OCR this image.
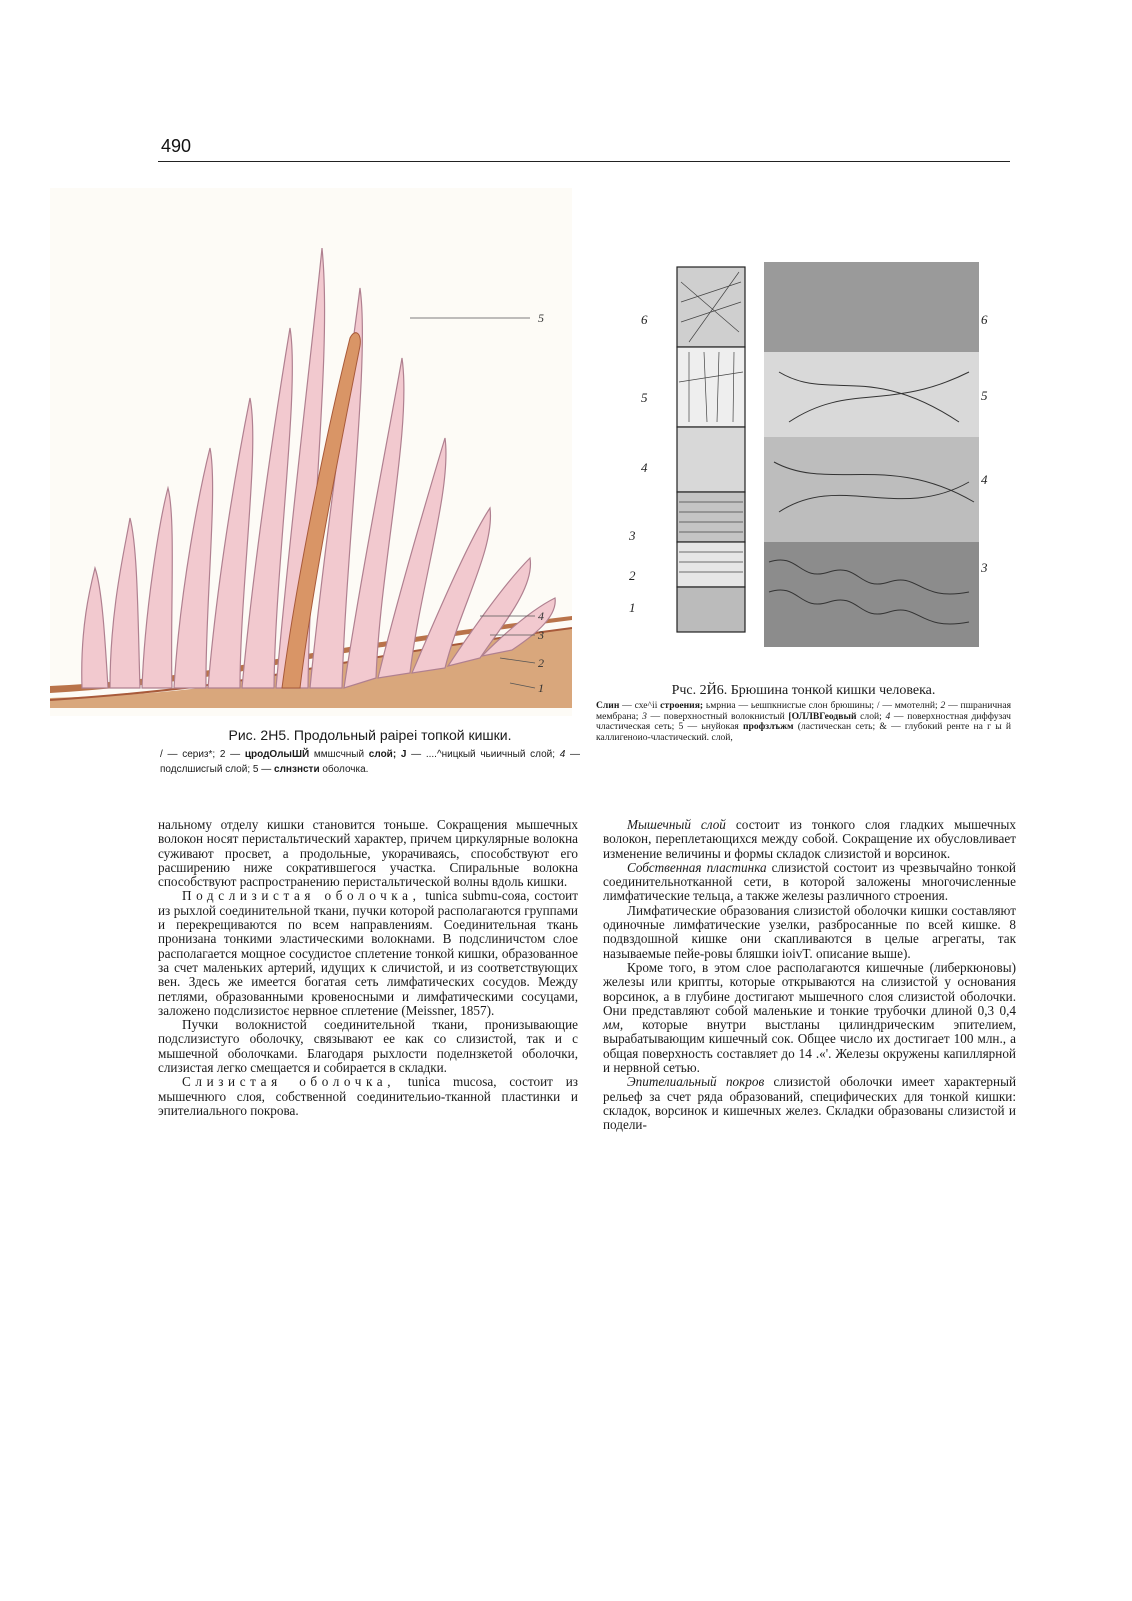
490
5
4
3
2
1
6
5
4
3
2
1
6
5
4
3
Рис. 2Н5. Продольный раipei топкой кишки.
/ — сериз*; 2 — цродОлыШЙ ммшсчный слой; J — ....^ницкый чьиичный слой; 4 — подслшисгый слой; 5 — слнзнсти оболочка.
Рчс. 2Й6. Брюшина тонкой кишки человека.
Слин — схе^ii строения; ьмрниа — ьешпкнисгые слон брюшины; / — ммотелнй; 2 — пшраничная мембрана; 3 — поверхностный волокнистый [ОЛЛВГеодвый слой; 4 — поверхностная диффузач чластическая сеть; 5 — ьнуйокая профзлъжм (ластическан сеть; & — глубокий ренте на г ы й каллигеноио-чластический. слой,

нальному отделу кишки становится тоньше. Сокращения мышечных волокон носят перистальтический характер, причем циркулярные волокна суживают просвет, а продольные, укорачиваясь, способствуют его расширению ниже сократившегося участка. Спиральные волокна способствуют распространению перистальтической волны вдоль кишки.

Подслизистая оболочка, tunica submu-coяа, состоит из рыхлой соединительной ткани, пучки которой располагаются группами и перекрещиваются по всем направлениям. Соединительная ткань пронизана тонкими эластическими волокнами. В подслиничстом слое располагается мощное сосудистое сплетение тонкой кишки, образованное за счет маленьких артерий, идущих к сличистой, и из соответствующих вен. Здесь же имеется богатая сеть лимфатических сосудов. Между петлями, образованными кровеносными и лимфатическими сосуцами, заложено подслизистоє нервное сплетение (Meissner, 1857).

Пучки волокнистой соединительной ткани, пронизывающие подслизистуго оболочку, связывают ее как со слизистой, так и с мышечной оболочками. Благодаря рыхлости поделнзкетой оболочки, слизистая легко смещается и собирается в складки.

Слизистая оболочка, tunica mucosa, состоит из мышечнюго слоя, собственной соединительио-тканной пластинки и эпителиального покрова.

Мышечный слой состоит из тонкого слоя гладких мышечных волокон, переплетающихся между собой. Сокращение их обусловливает изменение величины и формы складок слизистой и ворсинок.

Собственная пластинка слизистой состоит из чрезвычайно тонкой соединительнотканной сети, в которой заложены многочисленные лимфатические тельца, а также железы различного строения.

Лимфатические образования слизистой оболочки кишки составляют одиночные лимфатические узелки, разбросанные по всей кишке. 8 подвздошной кишке они скапливаются в целые агрегаты, так называемые пейе-ровы бляшки ioivT. описание выше).

Кроме того, в этом слое располагаются кишечные (либеркюновы) железы или крипты, которые открываются на слизистой у основания ворсинок, а в глубине достигают мышечного слоя слизистой оболочки. Они представляют собой маленькие и тонкие трубочки длиной 0,3 0,4 мм, которые внутри выстланы цилиндрическим эпителием, вырабатывающим кишечный сок. Общее число их достигает 100 млн., а общая поверхность составляет до 14 .«'. Железы окружены капиллярной и нервной сетью.

Эпителиальный покров слизистой оболочки имеет характерный рельеф за счет ряда образований, специфических для тонкой кишки: складок, ворсинок и кишечных желез. Складки образованы слизистой и подели-
